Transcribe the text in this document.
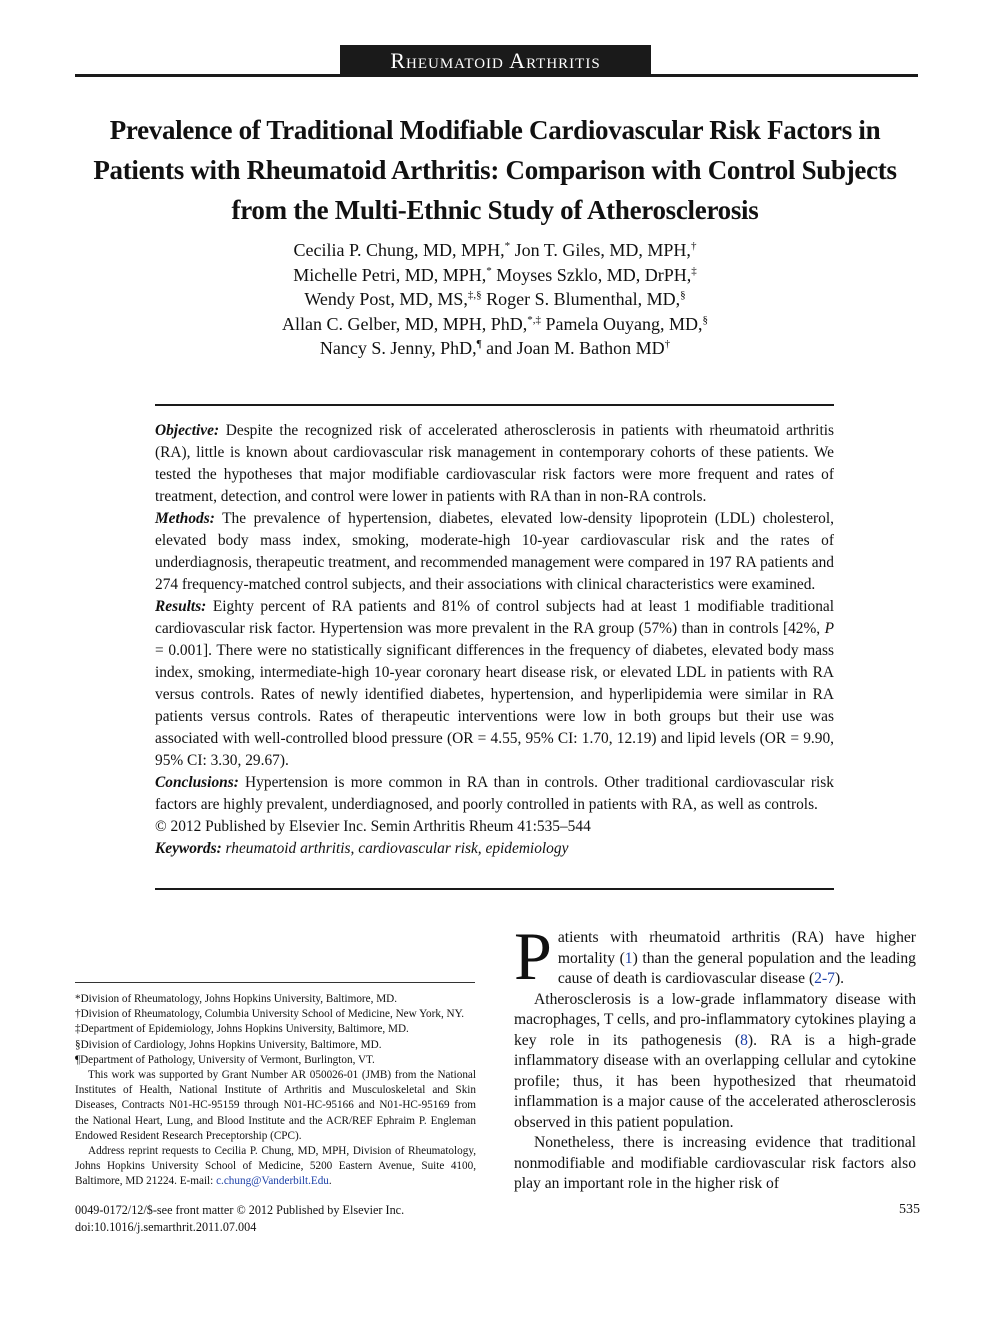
Rheumatoid Arthritis
Prevalence of Traditional Modifiable Cardiovascular Risk Factors in Patients with Rheumatoid Arthritis: Comparison with Control Subjects from the Multi-Ethnic Study of Atherosclerosis
Cecilia P. Chung, MD, MPH,* Jon T. Giles, MD, MPH,†
Michelle Petri, MD, MPH,* Moyses Szklo, MD, DrPH,‡
Wendy Post, MD, MS,‡,§ Roger S. Blumenthal, MD,§
Allan C. Gelber, MD, MPH, PhD,*,‡ Pamela Ouyang, MD,§
Nancy S. Jenny, PhD,¶ and Joan M. Bathon MD†

Objective: Despite the recognized risk of accelerated atherosclerosis in patients with rheumatoid arthritis (RA), little is known about cardiovascular risk management in contemporary cohorts of these patients. We tested the hypotheses that major modifiable cardiovascular risk factors were more frequent and rates of treatment, detection, and control were lower in patients with RA than in non-RA controls.

Methods: The prevalence of hypertension, diabetes, elevated low-density lipoprotein (LDL) cholesterol, elevated body mass index, smoking, moderate-high 10-year cardiovascular risk and the rates of underdiagnosis, therapeutic treatment, and recommended management were compared in 197 RA patients and 274 frequency-matched control subjects, and their associations with clinical characteristics were examined.

Results: Eighty percent of RA patients and 81% of control subjects had at least 1 modifiable traditional cardiovascular risk factor. Hypertension was more prevalent in the RA group (57%) than in controls [42%, P = 0.001]. There were no statistically significant differences in the frequency of diabetes, elevated body mass index, smoking, intermediate-high 10-year coronary heart disease risk, or elevated LDL in patients with RA versus controls. Rates of newly identified diabetes, hypertension, and hyperlipidemia were similar in RA patients versus controls. Rates of therapeutic interventions were low in both groups but their use was associated with well-controlled blood pressure (OR = 4.55, 95% CI: 1.70, 12.19) and lipid levels (OR = 9.90, 95% CI: 3.30, 29.67).

Conclusions: Hypertension is more common in RA than in controls. Other traditional cardiovascular risk factors are highly prevalent, underdiagnosed, and poorly controlled in patients with RA, as well as controls.

© 2012 Published by Elsevier Inc. Semin Arthritis Rheum 41:535–544

Keywords: rheumatoid arthritis, cardiovascular risk, epidemiology

*Division of Rheumatology, Johns Hopkins University, Baltimore, MD.

†Division of Rheumatology, Columbia University School of Medicine, New York, NY.

‡Department of Epidemiology, Johns Hopkins University, Baltimore, MD.

§Division of Cardiology, Johns Hopkins University, Baltimore, MD.

¶Department of Pathology, University of Vermont, Burlington, VT.

This work was supported by Grant Number AR 050026-01 (JMB) from the National Institutes of Health, National Institute of Arthritis and Musculoskeletal and Skin Diseases, Contracts N01-HC-95159 through N01-HC-95166 and N01-HC-95169 from the National Heart, Lung, and Blood Institute and the ACR/REF Ephraim P. Engleman Endowed Resident Research Preceptorship (CPC).

Address reprint requests to Cecilia P. Chung, MD, MPH, Division of Rheumatology, Johns Hopkins University School of Medicine, 5200 Eastern Avenue, Suite 4100, Baltimore, MD 21224. E-mail: c.chung@Vanderbilt.Edu.

0049-0172/12/$-see front matter © 2012 Published by Elsevier Inc.
doi:10.1016/j.semarthrit.2011.07.004
535

Patients with rheumatoid arthritis (RA) have higher mortality (1) than the general population and the leading cause of death is cardiovascular disease (2-7).

Atherosclerosis is a low-grade inflammatory disease with macrophages, T cells, and pro-inflammatory cytokines playing a key role in its pathogenesis (8). RA is a high-grade inflammatory disease with an overlapping cellular and cytokine profile; thus, it has been hypothesized that rheumatoid inflammation is a major cause of the accelerated atherosclerosis observed in this patient population.

Nonetheless, there is increasing evidence that traditional nonmodifiable and modifiable cardiovascular risk factors also play an important role in the higher risk of
